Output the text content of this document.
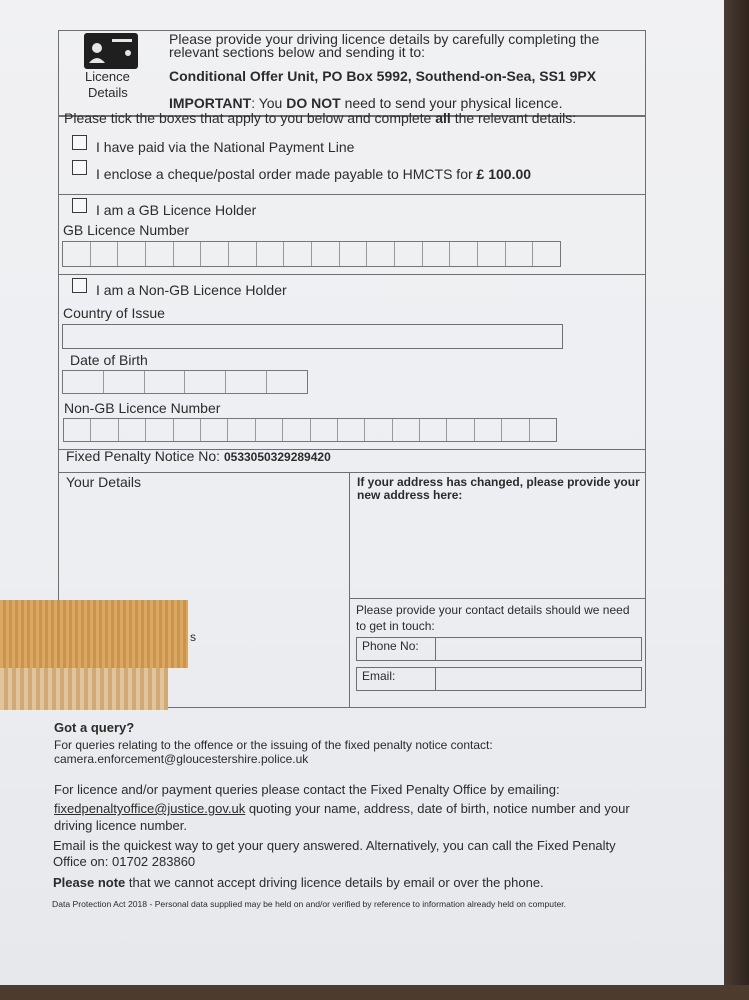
Licence
Details
Please provide your driving licence details by carefully completing the
relevant sections below and sending it to:
Conditional Offer Unit, PO Box 5992, Southend-on-Sea, SS1 9PX
IMPORTANT: You DO NOT need to send your physical licence.
Please tick the boxes that apply to you below and complete all the relevant details:
I have paid via the National Payment Line
I enclose a cheque/postal order made payable to HMCTS for £ 100.00
I am a GB Licence Holder
GB Licence Number
I am a Non-GB Licence Holder
Country of Issue
Date of Birth
Non-GB Licence Number
Fixed Penalty Notice No: 0533050329289420
Your Details	If your address has changed, please provide your
new address here:
Please provide your contact details should we need
to get in touch:
Phone No:
Email:
s
Got a query?
For queries relating to the offence or the issuing of the fixed penalty notice contact:
camera.enforcement@gloucestershire.police.uk
For licence and/or payment queries please contact the Fixed Penalty Office by emailing:
fixedpenaltyoffice@justice.gov.uk quoting your name, address, date of birth, notice number and your
driving licence number.
Email is the quickest way to get your query answered. Alternatively, you can call the Fixed Penalty
Office on: 01702 283860
Please note that we cannot accept driving licence details by email or over the phone.
Data Protection Act 2018 - Personal data supplied may be held on and/or verified by reference to information already held on computer.
